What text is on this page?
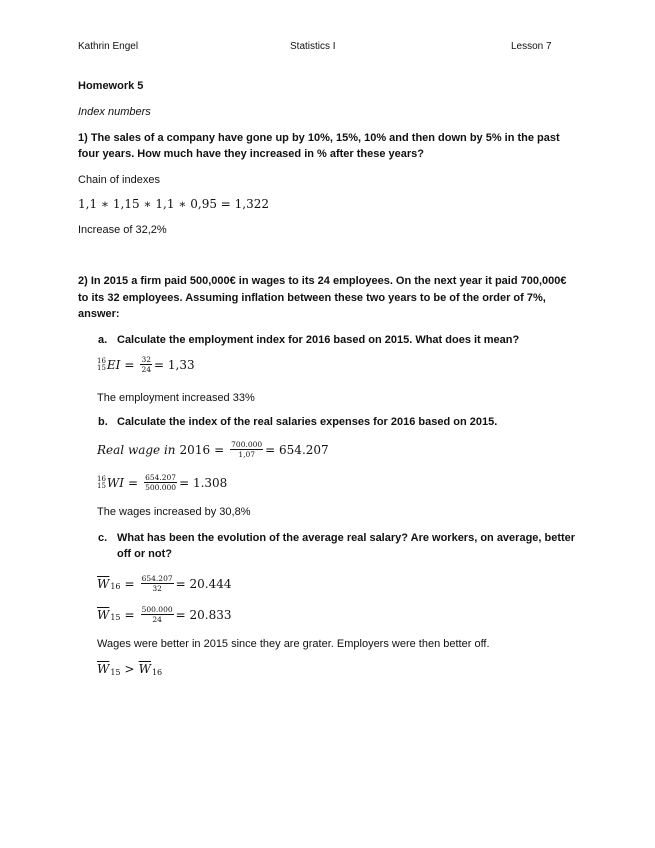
Kathrin Engel	Statistics I	Lesson 7
Homework 5
Index numbers
1) The sales of a company have gone up by 10%, 15%, 10% and then down by 5% in the past
four years. How much have they increased in % after these years?
Chain of indexes
1,1 ∗ 1,15 ∗ 1,1 ∗ 0,95 = 1,322
Increase of 32,2%
2) In 2015 a firm paid 500,000€ in wages to its 24 employees. On the next year it paid 700,000€
to its 32 employees. Assuming inflation between these two years to be of the order of 7%,
answer:
a. Calculate the employment index for 2016 based on 2015. What does it mean?
16
15 EI = $\frac{32}{24} = 1,33$
The employment increased 33%
b. Calculate the index of the real salaries expenses for 2016 based on 2015.
Real wage in $2016 = \frac{700.000}{1,07} = 654.207$
16
15 WI = $\frac{654.207}{500.000} = 1.308$
The wages increased by 30,8%
c. What has been the evolution of the average real salary? Are workers, on average, better
off or not?
$\overline{W}$ $16 = \frac{654.207}{32} = 20.444$
$\overline{W}$ $15 = \frac{500.000}{24} = 20.833$
Wages were better in 2015 since they are grater. Employers were then better off.
$\overline{W}$ $15 > \overline{W}$ 16
